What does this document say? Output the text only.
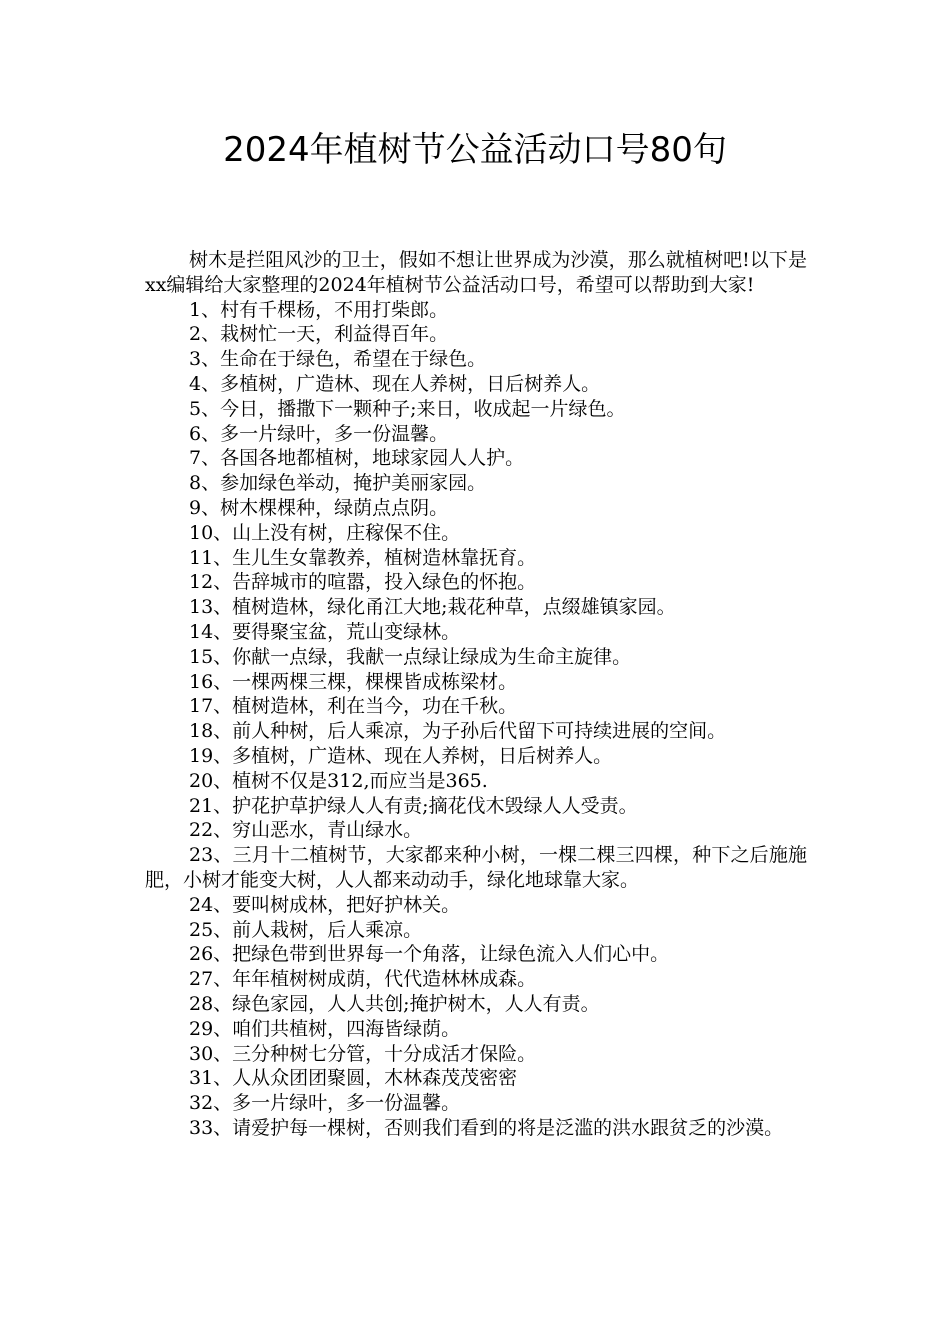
2024年植树节公益活动口号80句

树木是拦阻风沙的卫士，假如不想让世界成为沙漠，那么就植树吧!以下是xx编辑给大家整理的2024年植树节公益活动口号，希望可以帮助到大家!

1、村有千棵杨，不用打柴郎。

2、栽树忙一天，利益得百年。

3、生命在于绿色，希望在于绿色。

4、多植树，广造林、现在人养树，日后树养人。

5、今日，播撒下一颗种子;来日，收成起一片绿色。

6、多一片绿叶，多一份温馨。

7、各国各地都植树，地球家园人人护。

8、参加绿色举动，掩护美丽家园。

9、树木棵棵种，绿荫点点阴。

10、山上没有树，庄稼保不住。

11、生儿生女靠教养，植树造林靠抚育。

12、告辞城市的喧嚣，投入绿色的怀抱。

13、植树造林，绿化甬江大地;栽花种草，点缀雄镇家园。

14、要得聚宝盆，荒山变绿林。

15、你献一点绿，我献一点绿让绿成为生命主旋律。

16、一棵两棵三棵，棵棵皆成栋梁材。

17、植树造林，利在当今，功在千秋。

18、前人种树，后人乘凉，为子孙后代留下可持续进展的空间。

19、多植树，广造林、现在人养树，日后树养人。

20、植树不仅是312,而应当是365.

21、护花护草护绿人人有责;摘花伐木毁绿人人受责。

22、穷山恶水，青山绿水。

23、三月十二植树节，大家都来种小树，一棵二棵三四棵，种下之后施施肥，小树才能变大树，人人都来动动手，绿化地球靠大家。

24、要叫树成林，把好护林关。

25、前人栽树，后人乘凉。

26、把绿色带到世界每一个角落，让绿色流入人们心中。

27、年年植树树成荫，代代造林林成森。

28、绿色家园，人人共创;掩护树木，人人有责。

29、咱们共植树，四海皆绿荫。

30、三分种树七分管，十分成活才保险。

31、人从众团团聚圆，木林森茂茂密密

32、多一片绿叶，多一份温馨。

33、请爱护每一棵树，否则我们看到的将是泛滥的洪水跟贫乏的沙漠。
